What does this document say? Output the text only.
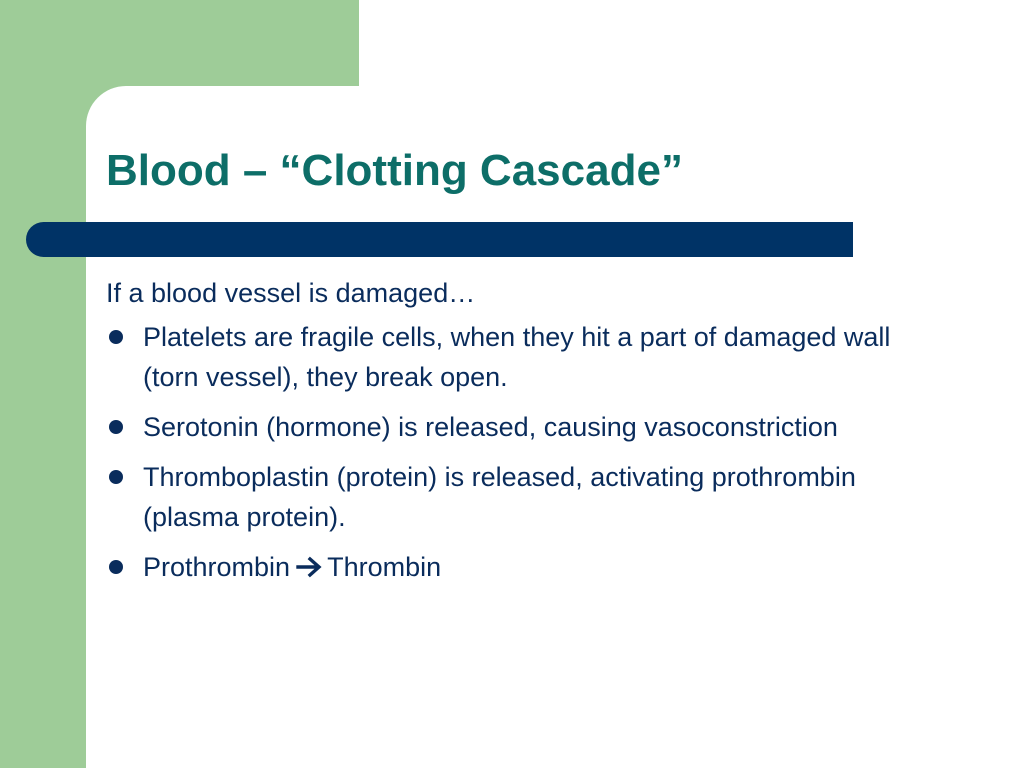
Blood – “Clotting Cascade”

If a blood vessel is damaged…

Platelets are fragile cells, when they hit a part of damaged wall (torn vessel), they break open.
Serotonin (hormone) is released, causing vasoconstriction
Thromboplastin (protein) is released, activating prothrombin (plasma protein).
Prothrombin Thrombin
